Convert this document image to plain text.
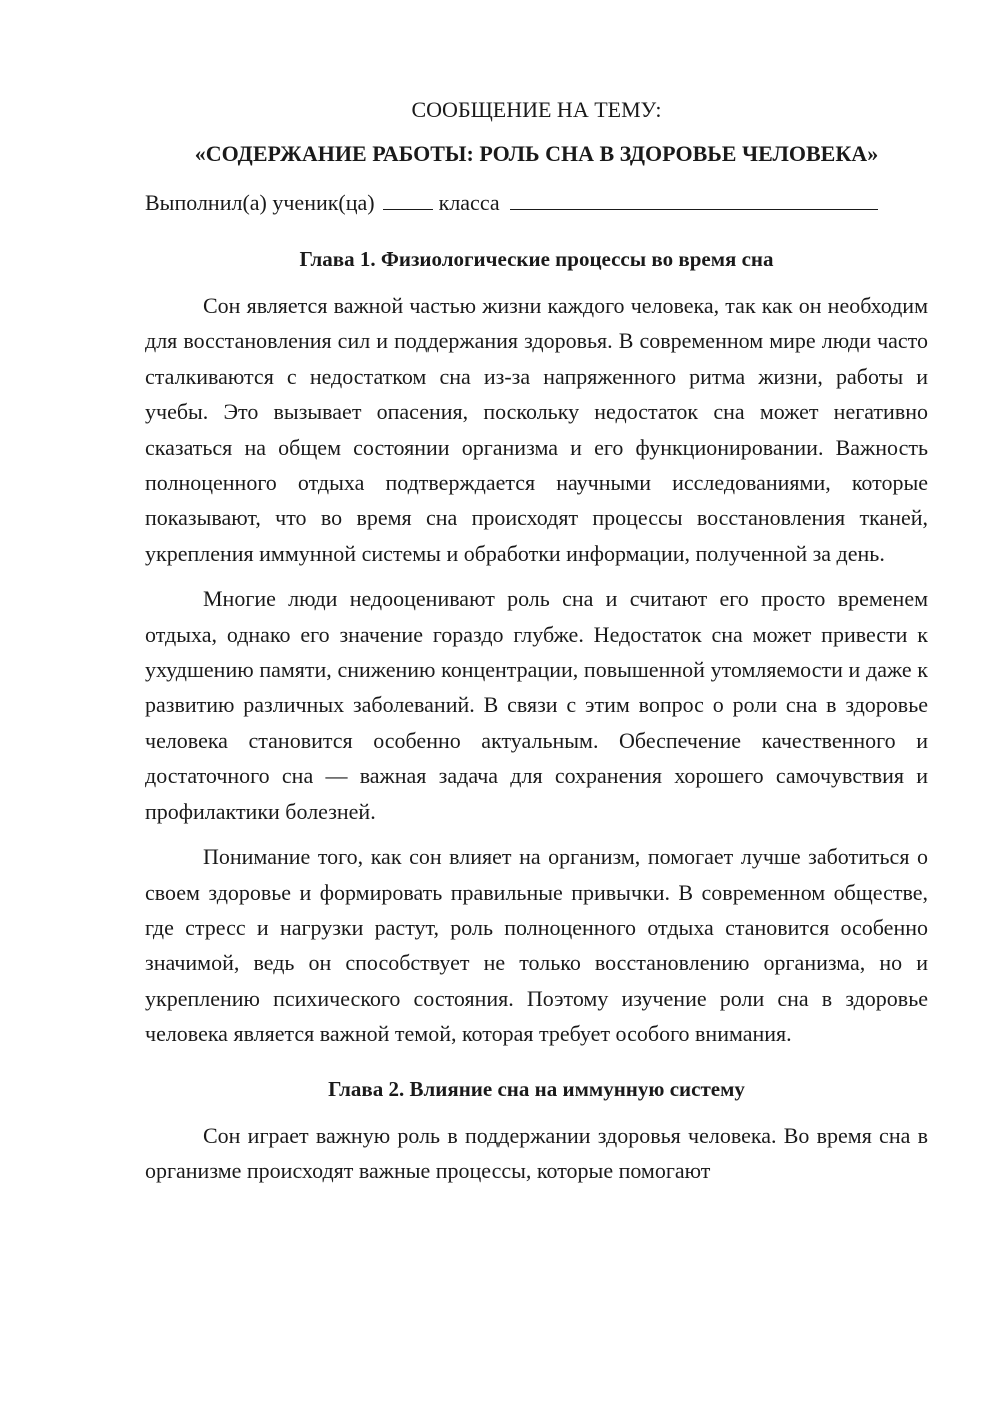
СООБЩЕНИЕ НА ТЕМУ:

«СОДЕРЖАНИЕ РАБОТЫ: РОЛЬ СНА В ЗДОРОВЬЕ ЧЕЛОВЕКА»

Выполнил(а) ученик(ца)	класса
Глава 1. Физиологические процессы во время сна

Сон является важной частью жизни каждого человека, так как он необходим для восстановления сил и поддержания здоровья. В современном мире люди часто сталкиваются с недостатком сна из-за напряженного ритма жизни, работы и учебы. Это вызывает опасения, поскольку недостаток сна может негативно сказаться на общем состоянии организма и его функционировании. Важность полноценного отдыха подтверждается научными исследованиями, которые показывают, что во время сна происходят процессы восстановления тканей, укрепления иммунной системы и обработки информации, полученной за день.

Многие люди недооценивают роль сна и считают его просто временем отдыха, однако его значение гораздо глубже. Недостаток сна может привести к ухудшению памяти, снижению концентрации, повышенной утомляемости и даже к развитию различных заболеваний. В связи с этим вопрос о роли сна в здоровье человека становится особенно актуальным. Обеспечение качественного и достаточного сна — важная задача для сохранения хорошего самочувствия и профилактики болезней.

Понимание того, как сон влияет на организм, помогает лучше заботиться о своем здоровье и формировать правильные привычки. В современном обществе, где стресс и нагрузки растут, роль полноценного отдыха становится особенно значимой, ведь он способствует не только восстановлению организма, но и укреплению психического состояния. Поэтому изучение роли сна в здоровье человека является важной темой, которая требует особого внимания.

Глава 2. Влияние сна на иммунную систему

Сон играет важную роль в поддержании здоровья человека. Во время сна в организме происходят важные процессы, которые помогают
